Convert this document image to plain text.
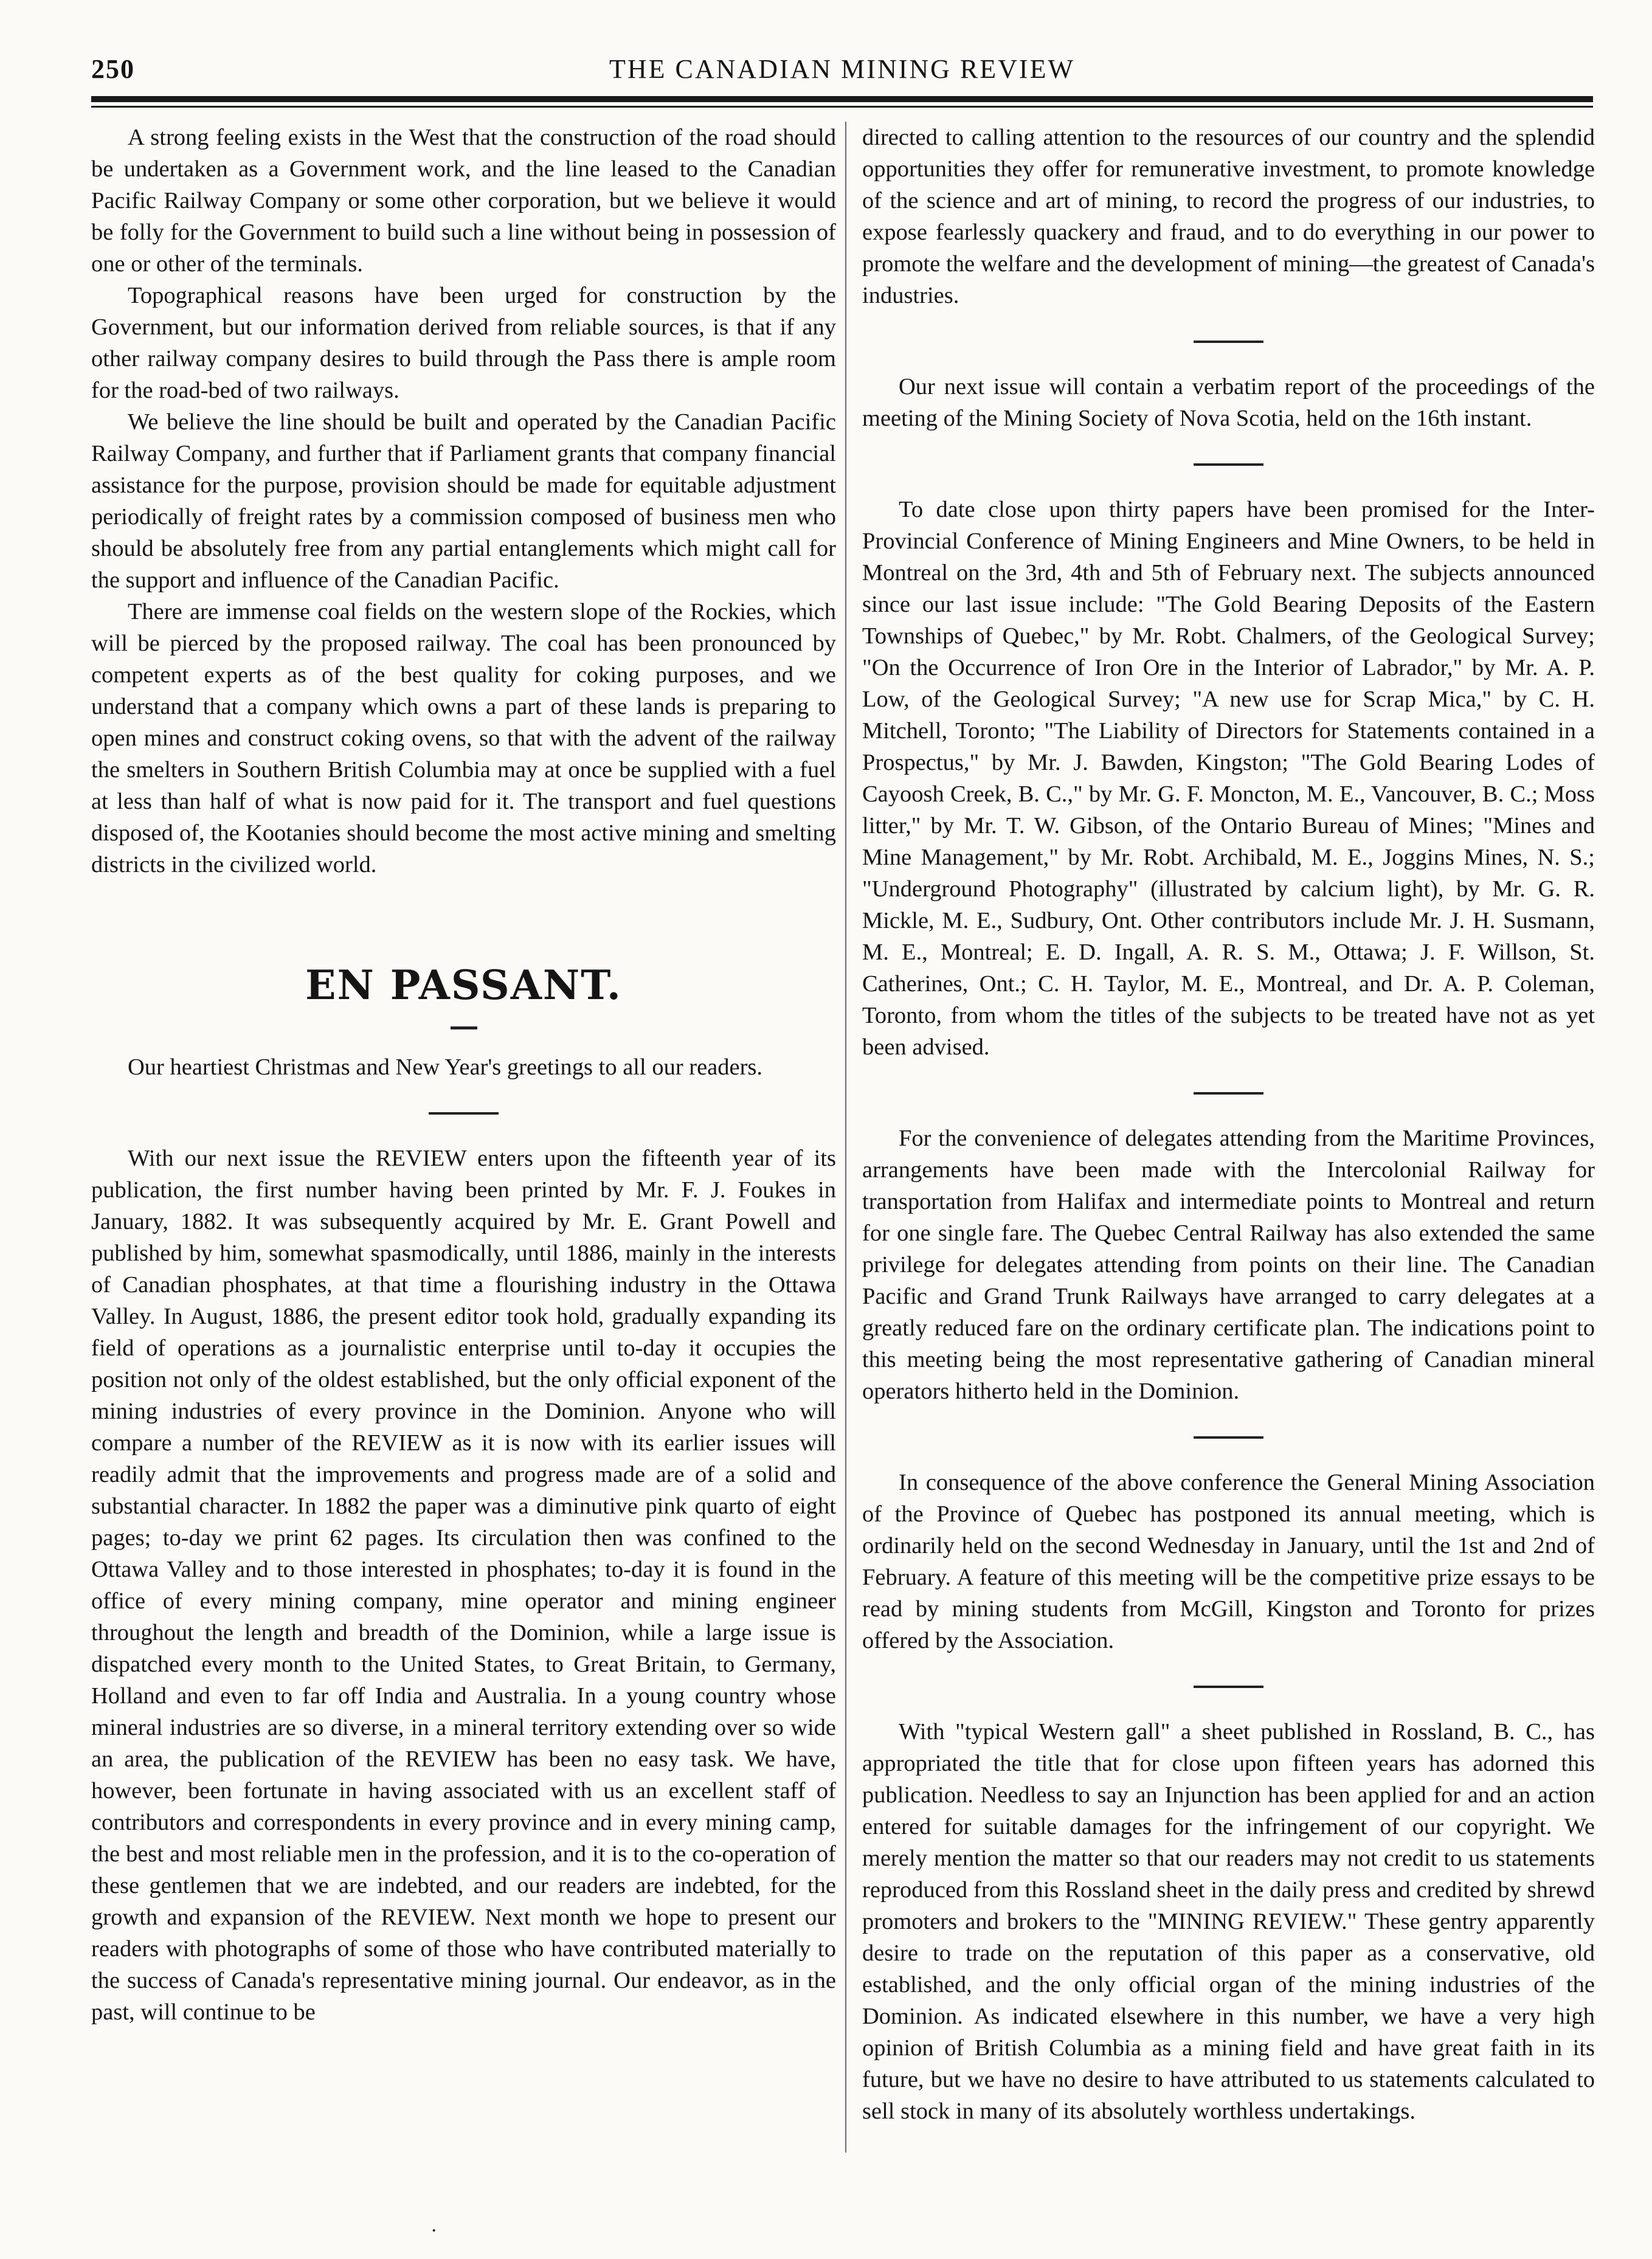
250	THE CANADIAN MINING REVIEW

A strong feeling exists in the West that the construction of the road should be undertaken as a Government work, and the line leased to the Canadian Pacific Railway Company or some other corporation, but we believe it would be folly for the Government to build such a line without being in possession of one or other of the terminals.

Topographical reasons have been urged for construction by the Government, but our information derived from reliable sources, is that if any other railway company desires to build through the Pass there is ample room for the road-bed of two railways.

We believe the line should be built and operated by the Canadian Pacific Railway Company, and further that if Parliament grants that company financial assistance for the purpose, provision should be made for equitable adjustment periodically of freight rates by a commission composed of business men who should be absolutely free from any partial entanglements which might call for the support and influence of the Canadian Pacific.

There are immense coal fields on the western slope of the Rockies, which will be pierced by the proposed railway. The coal has been pronounced by competent experts as of the best quality for coking purposes, and we understand that a company which owns a part of these lands is preparing to open mines and construct coking ovens, so that with the advent of the railway the smelters in Southern British Columbia may at once be supplied with a fuel at less than half of what is now paid for it. The transport and fuel questions disposed of, the Kootanies should become the most active mining and smelting districts in the civilized world.

EN PASSANT.

Our heartiest Christmas and New Year's greetings to all our readers.

With our next issue the REVIEW enters upon the fifteenth year of its publication, the first number having been printed by Mr. F. J. Foukes in January, 1882. It was subsequently acquired by Mr. E. Grant Powell and published by him, somewhat spasmodically, until 1886, mainly in the interests of Canadian phosphates, at that time a flourishing industry in the Ottawa Valley. In August, 1886, the present editor took hold, gradually expanding its field of operations as a journalistic enterprise until to-day it occupies the position not only of the oldest established, but the only official exponent of the mining industries of every province in the Dominion. Anyone who will compare a number of the REVIEW as it is now with its earlier issues will readily admit that the improvements and progress made are of a solid and substantial character. In 1882 the paper was a diminutive pink quarto of eight pages; to-day we print 62 pages. Its circulation then was confined to the Ottawa Valley and to those interested in phosphates; to-day it is found in the office of every mining company, mine operator and mining engineer throughout the length and breadth of the Dominion, while a large issue is dispatched every month to the United States, to Great Britain, to Germany, Holland and even to far off India and Australia. In a young country whose mineral industries are so diverse, in a mineral territory extending over so wide an area, the publication of the REVIEW has been no easy task. We have, however, been fortunate in having associated with us an excellent staff of contributors and correspondents in every province and in every mining camp, the best and most reliable men in the profession, and it is to the co-operation of these gentlemen that we are indebted, and our readers are indebted, for the growth and expansion of the REVIEW. Next month we hope to present our readers with photographs of some of those who have contributed materially to the success of Canada's representative mining journal. Our endeavor, as in the past, will continue to be

directed to calling attention to the resources of our country and the splendid opportunities they offer for remunerative investment, to promote knowledge of the science and art of mining, to record the progress of our industries, to expose fearlessly quackery and fraud, and to do everything in our power to promote the welfare and the development of mining—the greatest of Canada's industries.

Our next issue will contain a verbatim report of the proceedings of the meeting of the Mining Society of Nova Scotia, held on the 16th instant.

To date close upon thirty papers have been promised for the Inter-Provincial Conference of Mining Engineers and Mine Owners, to be held in Montreal on the 3rd, 4th and 5th of February next. The subjects announced since our last issue include: "The Gold Bearing Deposits of the Eastern Townships of Quebec," by Mr. Robt. Chalmers, of the Geological Survey; "On the Occurrence of Iron Ore in the Interior of Labrador," by Mr. A. P. Low, of the Geological Survey; "A new use for Scrap Mica," by C. H. Mitchell, Toronto; "The Liability of Directors for Statements contained in a Prospectus," by Mr. J. Bawden, Kingston; "The Gold Bearing Lodes of Cayoosh Creek, B. C.," by Mr. G. F. Moncton, M. E., Vancouver, B. C.; Moss litter," by Mr. T. W. Gibson, of the Ontario Bureau of Mines; "Mines and Mine Management," by Mr. Robt. Archibald, M. E., Joggins Mines, N. S.; "Underground Photography" (illustrated by calcium light), by Mr. G. R. Mickle, M. E., Sudbury, Ont. Other contributors include Mr. J. H. Susmann, M. E., Montreal; E. D. Ingall, A. R. S. M., Ottawa; J. F. Willson, St. Catherines, Ont.; C. H. Taylor, M. E., Montreal, and Dr. A. P. Coleman, Toronto, from whom the titles of the subjects to be treated have not as yet been advised.

For the convenience of delegates attending from the Maritime Provinces, arrangements have been made with the Intercolonial Railway for transportation from Halifax and intermediate points to Montreal and return for one single fare. The Quebec Central Railway has also extended the same privilege for delegates attending from points on their line. The Canadian Pacific and Grand Trunk Railways have arranged to carry delegates at a greatly reduced fare on the ordinary certificate plan. The indications point to this meeting being the most representative gathering of Canadian mineral operators hitherto held in the Dominion.

In consequence of the above conference the General Mining Association of the Province of Quebec has postponed its annual meeting, which is ordinarily held on the second Wednesday in January, until the 1st and 2nd of February. A feature of this meeting will be the competitive prize essays to be read by mining students from McGill, Kingston and Toronto for prizes offered by the Association.

With "typical Western gall" a sheet published in Rossland, B. C., has appropriated the title that for close upon fifteen years has adorned this publication. Needless to say an Injunction has been applied for and an action entered for suitable damages for the infringement of our copyright. We merely mention the matter so that our readers may not credit to us statements reproduced from this Rossland sheet in the daily press and credited by shrewd promoters and brokers to the "MINING REVIEW." These gentry apparently desire to trade on the reputation of this paper as a conservative, old established, and the only official organ of the mining industries of the Dominion. As indicated elsewhere in this number, we have a very high opinion of British Columbia as a mining field and have great faith in its future, but we have no desire to have attributed to us statements calculated to sell stock in many of its absolutely worthless undertakings.

·
